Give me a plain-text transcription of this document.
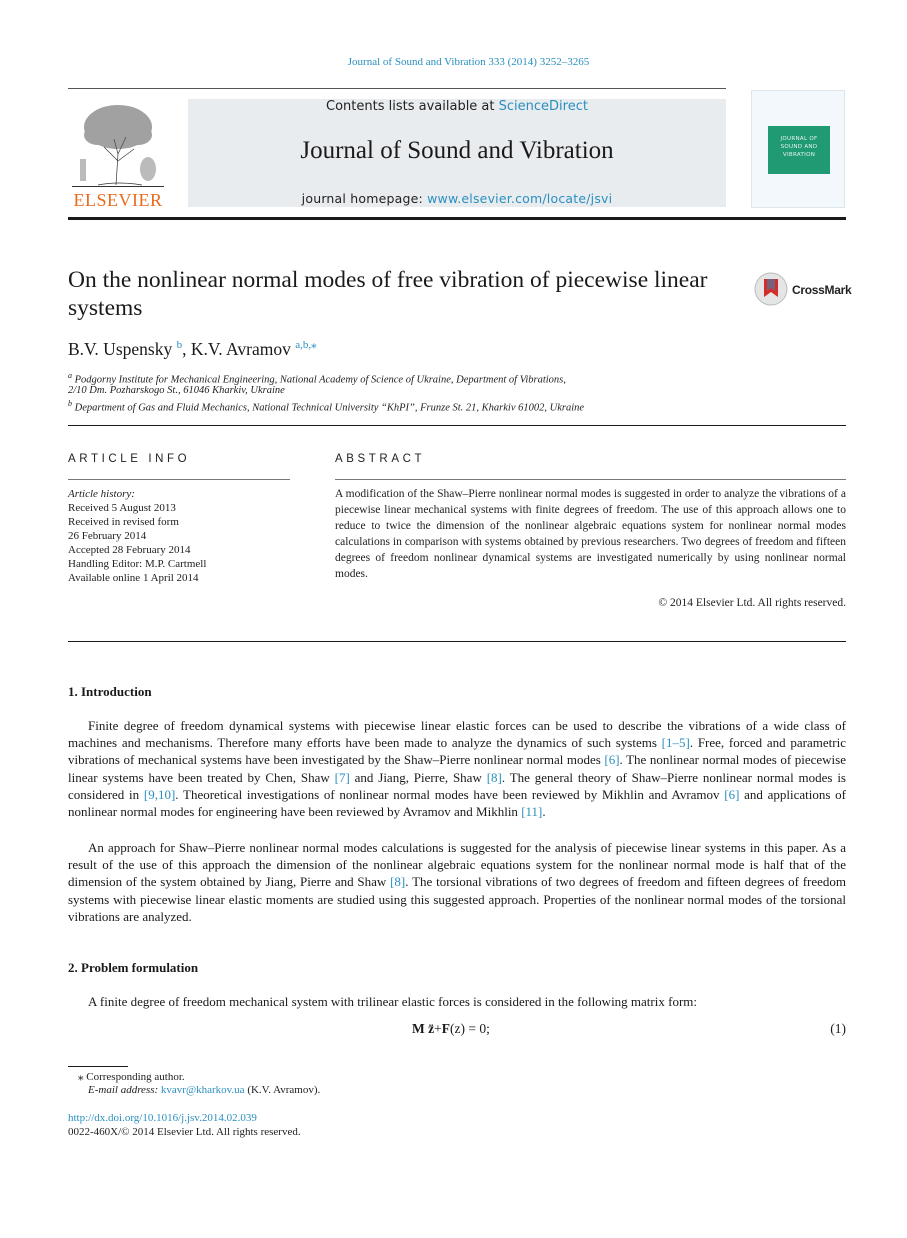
Journal of Sound and Vibration 333 (2014) 3252–3265
Contents lists available at ScienceDirect
Journal of Sound and Vibration
journal homepage: www.elsevier.com/locate/jsvi
ELSEVIER
JOURNAL OF SOUND AND VIBRATION
On the nonlinear normal modes of free vibration of piecewise linear systems
CrossMark
B.V. Uspensky $^b$, K.V. Avramov $^{a,b,⁎}$
$^a$ Podgorny Institute for Mechanical Engineering, National Academy of Science of Ukraine, Department of Vibrations,
2/10 Dm. Pozharskogo St., 61046 Kharkiv, Ukraine
$^b$ Department of Gas and Fluid Mechanics, National Technical University “KhPI”, Frunze St. 21, Kharkiv 61002, Ukraine
ARTICLE INFO	ABSTRACT
Article history:
Received 5 August 2013
Received in revised form
26 February 2014
Accepted 28 February 2014
Handling Editor: M.P. Cartmell
Available online 1 April 2014
A modification of the Shaw–Pierre nonlinear normal modes is suggested in order to analyze the vibrations of a piecewise linear mechanical systems with finite degrees of freedom. The use of this approach allows one to reduce to twice the dimension of the nonlinear algebraic equations system for nonlinear normal modes calculations in comparison with systems obtained by previous researchers. Two degrees of freedom and fifteen degrees of freedom nonlinear dynamical systems are investigated numerically by using nonlinear normal modes.
© 2014 Elsevier Ltd. All rights reserved.
1. Introduction
Finite degree of freedom dynamical systems with piecewise linear elastic forces can be used to describe the vibrations of a wide class of machines and mechanisms. Therefore many efforts have been made to analyze the dynamics of such systems [1–5]. Free, forced and parametric vibrations of mechanical systems have been investigated by the Shaw–Pierre nonlinear normal modes [6]. The nonlinear normal modes of piecewise linear systems have been treated by Chen, Shaw [7] and Jiang, Pierre, Shaw [8]. The general theory of Shaw–Pierre nonlinear normal modes is considered in [9,10]. Theoretical investigations of nonlinear normal modes have been reviewed by Mikhlin and Avramov [6] and applications of nonlinear normal modes for engineering have been reviewed by Avramov and Mikhlin [11].
An approach for Shaw–Pierre nonlinear normal modes calculations is suggested for the analysis of piecewise linear systems in this paper. As a result of the use of this approach the dimension of the nonlinear algebraic equations system for the nonlinear normal mode is half that of the dimension of the system obtained by Jiang, Pierre and Shaw [8]. The torsional vibrations of two degrees of freedom and fifteen degrees of freedom systems with piecewise linear elastic moments are studied using this suggested approach. Properties of the nonlinear normal modes of the torsional vibrations are analyzed.
2. Problem formulation
A finite degree of freedom mechanical system with trilinear elastic forces is considered in the following matrix form:
M z̈+F(z) = 0;	(1)
⁎ Corresponding author.
E-mail address: kvavr@kharkov.ua (K.V. Avramov).
http://dx.doi.org/10.1016/j.jsv.2014.02.039
0022-460X/© 2014 Elsevier Ltd. All rights reserved.
